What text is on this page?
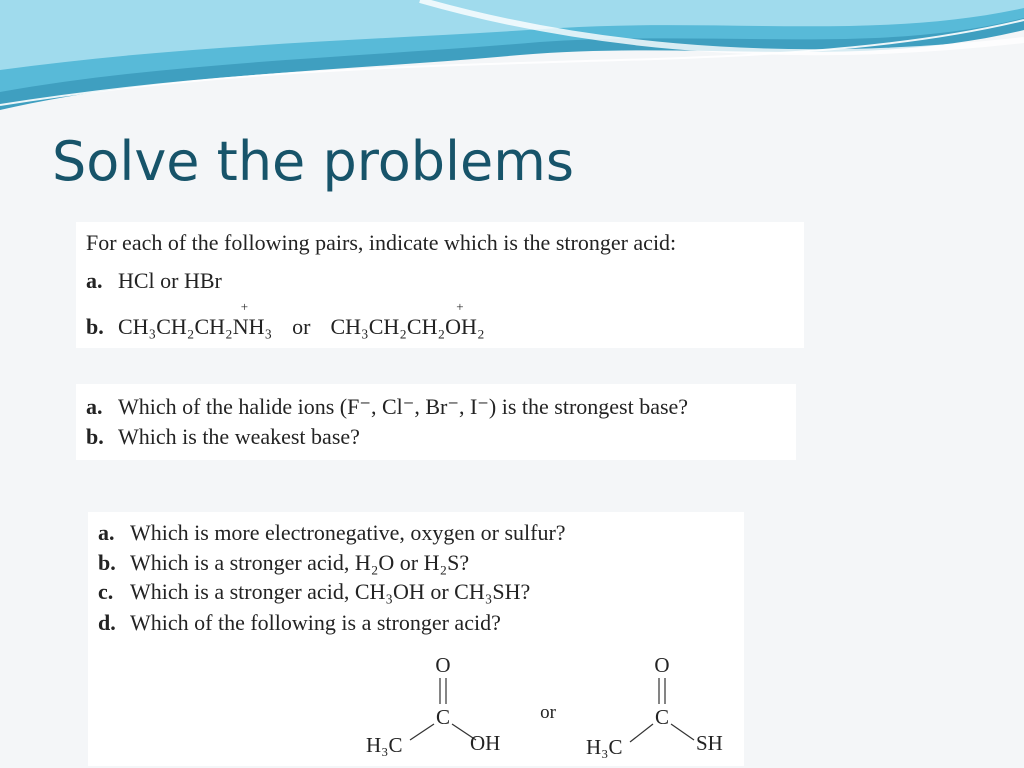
Solve the problems
For each of the following pairs, indicate which is the stronger acid:
a. HCl or HBr
b. CH₃CH₂CH₂NH₃
+
or CH₃CH₂CH₂OH₂
+
a. Which of the halide ions (F⁻, Cl⁻, Br⁻, I⁻) is the strongest base?
b. Which is the weakest base?
a. Which is more electronegative, oxygen or sulfur?
b. Which is a stronger acid, H₂O or H₂S?
c. Which is a stronger acid, CH₃OH or CH₃SH?
d. Which of the following is a stronger acid?
O
C
H₃C	OH
or
O
C
H₃C	SH
